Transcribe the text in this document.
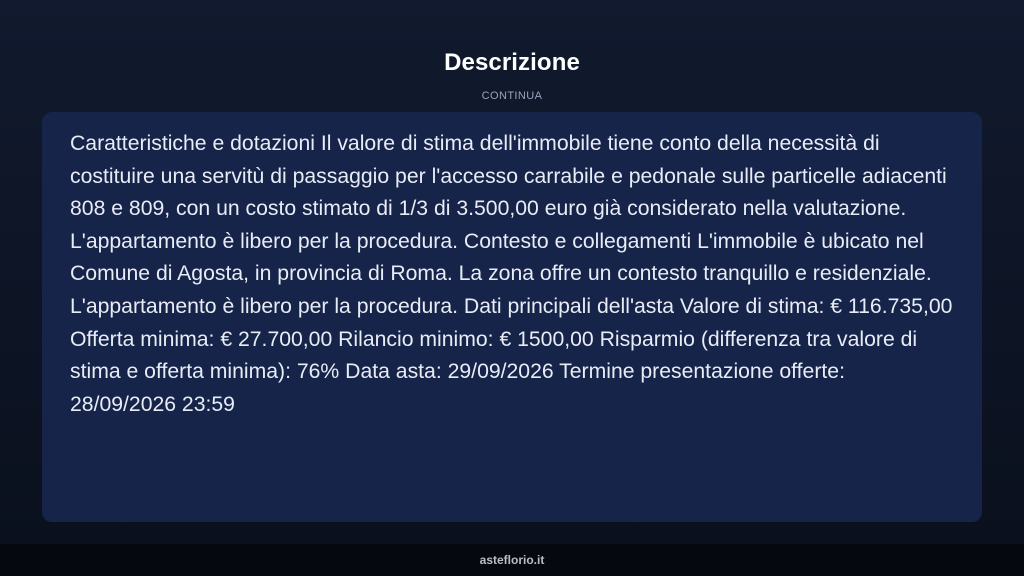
Descrizione
CONTINUA

Caratteristiche e dotazioni Il valore di stima dell'immobile tiene conto della necessità di costituire una servitù di passaggio per l'accesso carrabile e pedonale sulle particelle adiacenti 808 e 809, con un costo stimato di 1/3 di 3.500,00 euro già considerato nella valutazione. L'appartamento è libero per la procedura. Contesto e collegamenti L'immobile è ubicato nel Comune di Agosta, in provincia di Roma. La zona offre un contesto tranquillo e residenziale. L'appartamento è libero per la procedura. Dati principali dell'asta Valore di stima: € 116.735,00 Offerta minima: € 27.700,00 Rilancio minimo: € 1500,00 Risparmio (differenza tra valore di stima e offerta minima): 76% Data asta: 29/09/2026 Termine presentazione offerte: 28/09/2026 23:59

asteflorio.it
